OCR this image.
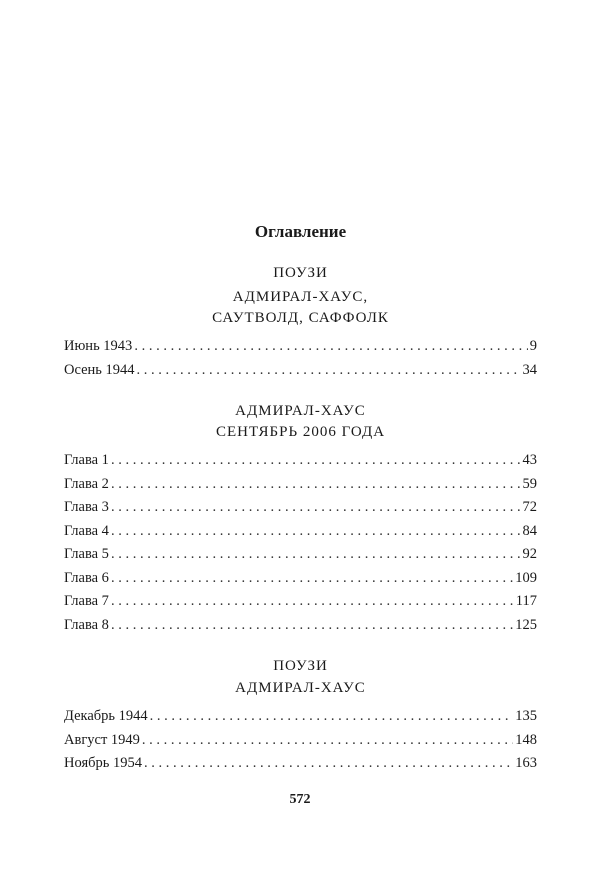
Оглавление
ПОУЗИ
АДМИРАЛ-ХАУС,
САУТВОЛД, САФФОЛК
Июнь 1943 . . .	9
Осень 1944 . . .	34
АДМИРАЛ-ХАУС
СЕНТЯБРЬ 2006 ГОДА
Глава 1 . . .	43
Глава 2 . . .	59
Глава 3 . . .	72
Глава 4 . . .	84
Глава 5 . . .	92
Глава 6 . . .	109
Глава 7 . . .	117
Глава 8 . . .	125
ПОУЗИ
АДМИРАЛ-ХАУС
Декабрь 1944 . . .	135
Август 1949 . . .	148
Ноябрь 1954 . . .	163
572
